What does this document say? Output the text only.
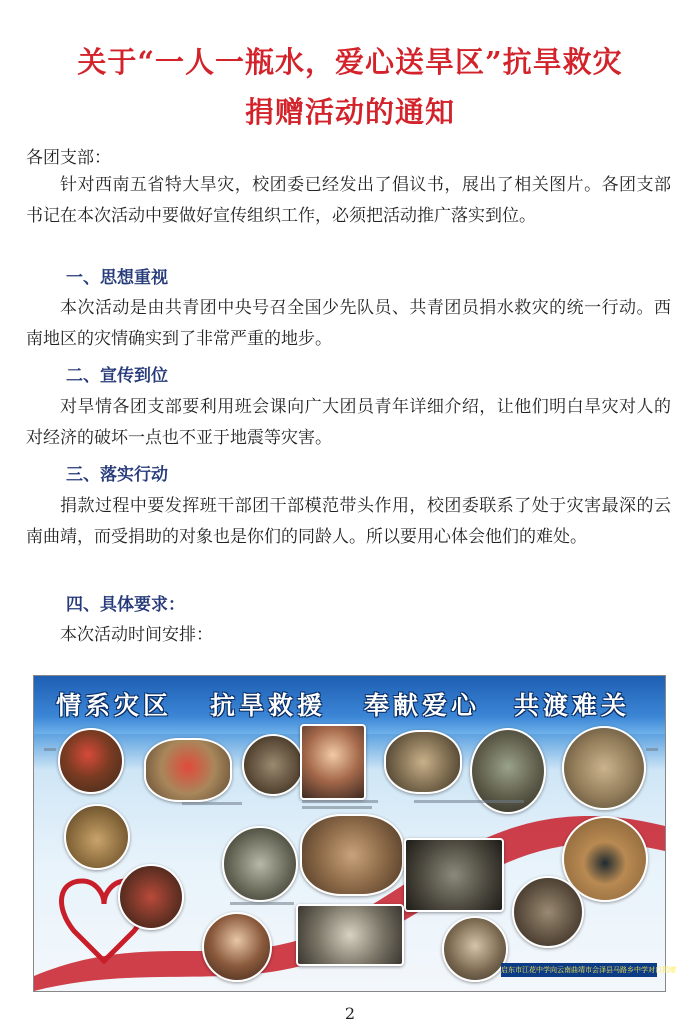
关于“一人一瓶水，爱心送旱区”抗旱救灾
捐赠活动的通知
各团支部：

针对西南五省特大旱灾，校团委已经发出了倡议书，展出了相关图片。各团支部书记在本次活动中要做好宣传组织工作，必须把活动推广落实到位。

一、思想重视

本次活动是由共青团中央号召全国少先队员、共青团员捐水救灾的统一行动。西南地区的灾情确实到了非常严重的地步。

二、宣传到位

对旱情各团支部要利用班会课向广大团员青年详细介绍，让他们明白旱灾对人的对经济的破坏一点也不亚于地震等灾害。

三、落实行动

捐款过程中要发挥班干部团干部模范带头作用，校团委联系了处于灾害最深的云南曲靖，而受捐助的对象也是你们的同龄人。所以要用心体会他们的难处。

四、具体要求：

本次活动时间安排：

情系灾区 抗旱救援 奉献爱心 共渡难关
启东市江花中学向云南曲靖市会泽县马路乡中学对口捐赠
2
